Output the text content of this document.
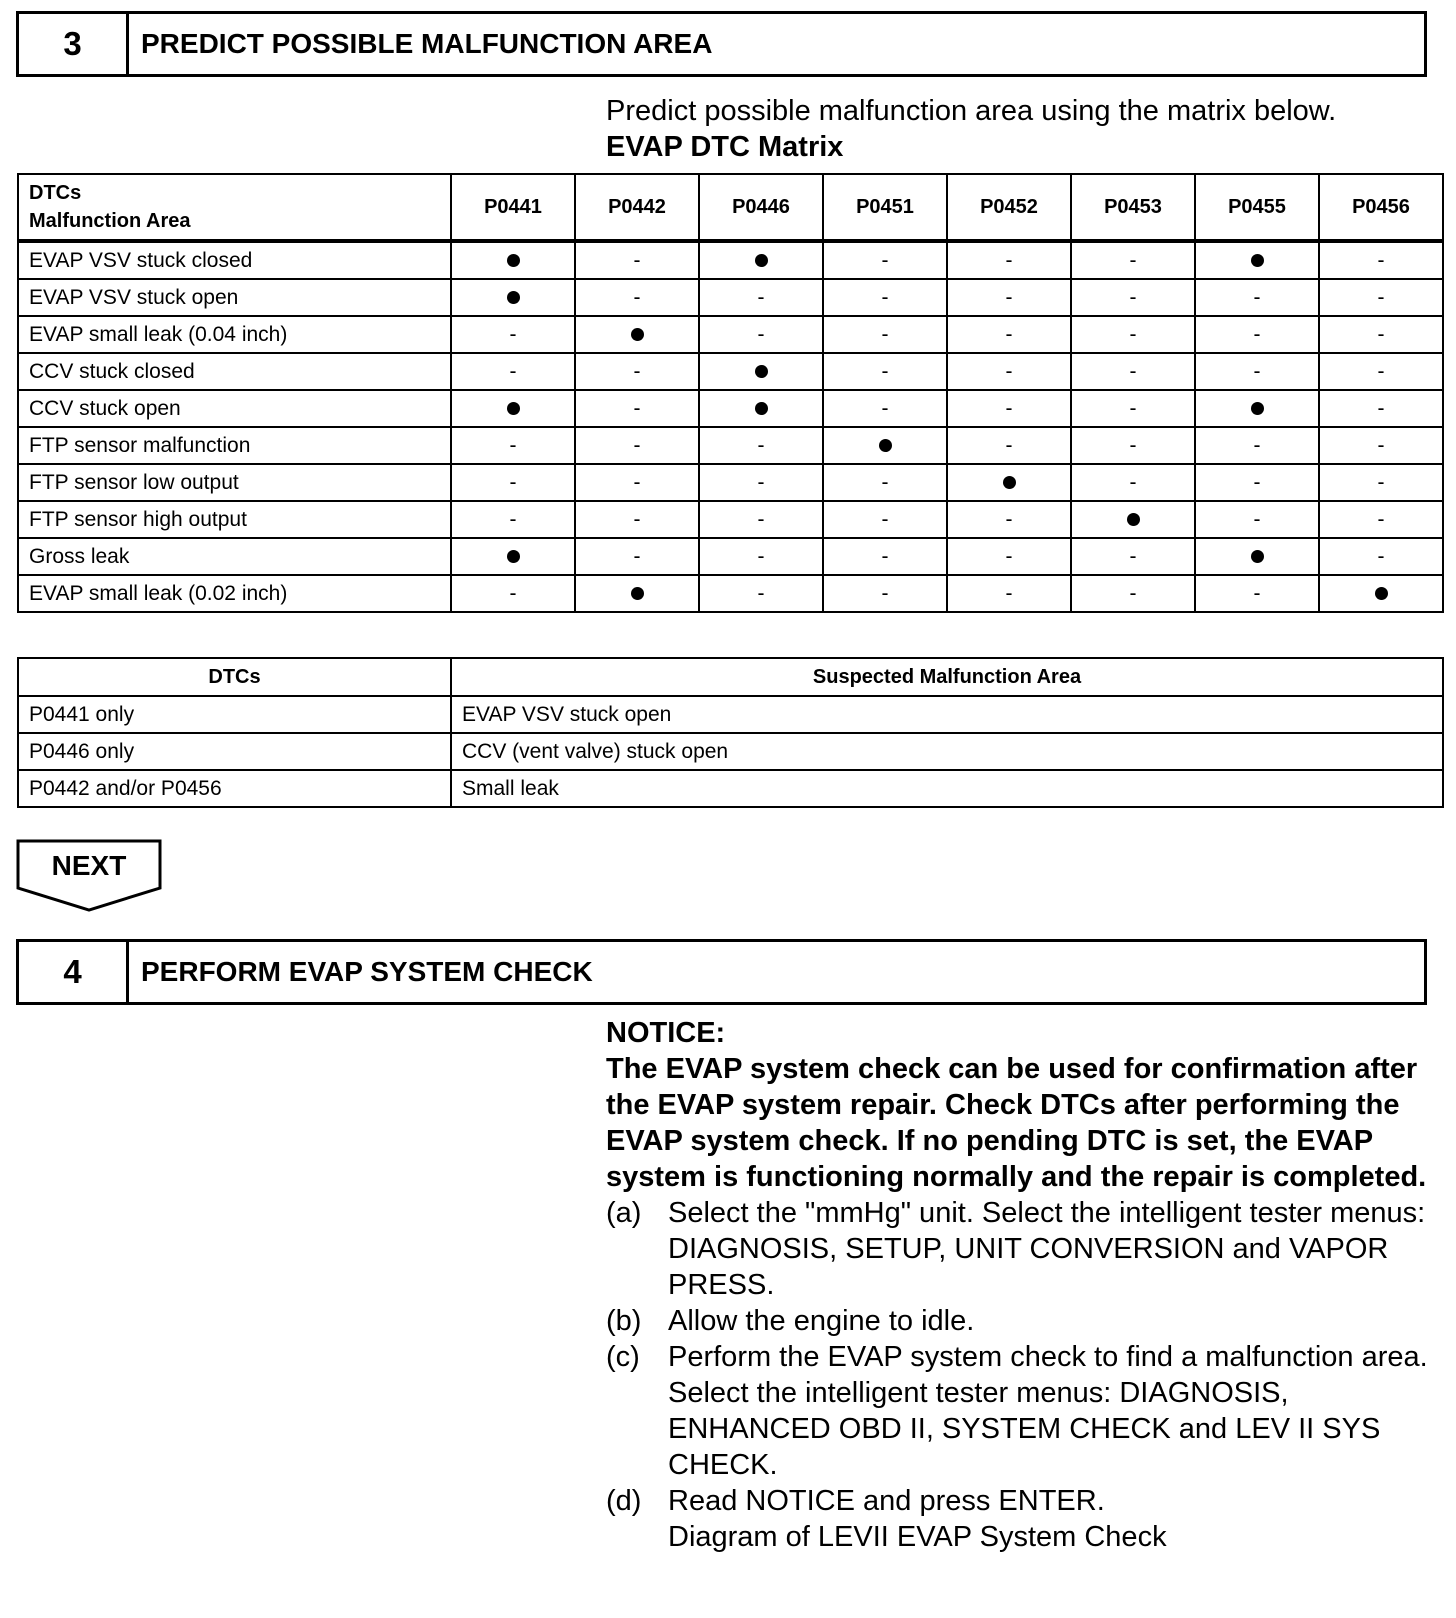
3	PREDICT POSSIBLE MALFUNCTION AREA
Predict possible malfunction area using the matrix below.
EVAP DTC Matrix
DTCs
Malfunction Area	P0441	P0442	P0446	P0451	P0452	P0453	P0455	P0456
EVAP VSV stuck closed		-		-	-	-		-
EVAP VSV stuck open		-	-	-	-	-	-	-
EVAP small leak (0.04 inch)	-		-	-	-	-	-	-
CCV stuck closed	-	-		-	-	-	-	-
CCV stuck open		-		-	-	-		-
FTP sensor malfunction	-	-	-		-	-	-	-
FTP sensor low output	-	-	-	-		-	-	-
FTP sensor high output	-	-	-	-	-		-	-
Gross leak		-	-	-	-	-		-
EVAP small leak (0.02 inch)	-		-	-	-	-	-	
DTCs	Suspected Malfunction Area
P0441 only	EVAP VSV stuck open
P0446 only	CCV (vent valve) stuck open
P0442 and/or P0456	Small leak
NEXT
4	PERFORM EVAP SYSTEM CHECK
NOTICE:
The EVAP system check can be used for confirmation after the EVAP system repair. Check DTCs after performing the EVAP system check. If no pending DTC is set, the EVAP system is functioning normally and the repair is completed.
(a) Select the "mmHg" unit. Select the intelligent tester menus: DIAGNOSIS, SETUP, UNIT CONVERSION and VAPOR PRESS.
(b) Allow the engine to idle.
(c) Perform the EVAP system check to find a malfunction area. Select the intelligent tester menus: DIAGNOSIS, ENHANCED OBD II, SYSTEM CHECK and LEV II SYS CHECK.
(d) Read NOTICE and press ENTER.
Diagram of LEVII EVAP System Check
